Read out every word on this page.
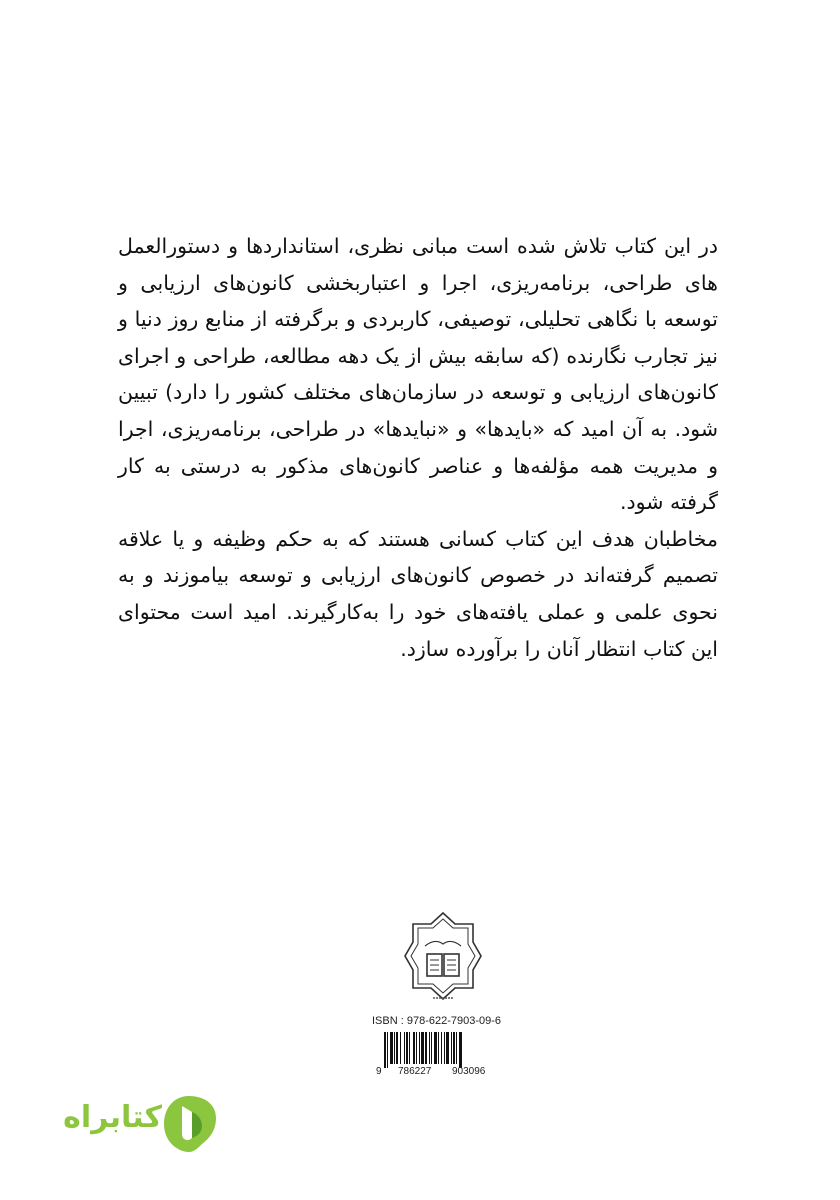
در این کتاب تلاش شده است مبانی نظری، استانداردها و دستورالعمل های طراحی، برنامه‌ریزی، اجرا و اعتباربخشی کانون‌های ارزیابی و توسعه با نگاهی تحلیلی، توصیفی، کاربردی و برگرفته از منابع روز دنیا و نیز تجارب نگارنده (که سابقه بیش از یک دهه مطالعه، طراحی و اجرای کانون‌های ارزیابی و توسعه در سازمان‌های مختلف کشور را دارد) تبیین شود. به آن امید که «بایدها» و «نبایدها» در طراحی، برنامه‌ریزی، اجرا و مدیریت همه مؤلفه‌ها و عناصر کانون‌های مذکور به درستی به کار گرفته شود.

مخاطبان هدف این کتاب کسانی هستند که به حکم وظیفه و یا علاقه تصمیم گرفته‌اند در خصوص کانون‌های ارزیابی و توسعه بیاموزند و به نحوی علمی و عملی یافته‌های خود را به‌کارگیرند. امید است محتوای این کتاب انتظار آنان را برآورده سازد.

ISBN : 978-622-7903-09-6
9 786227 903096
کتابراه
